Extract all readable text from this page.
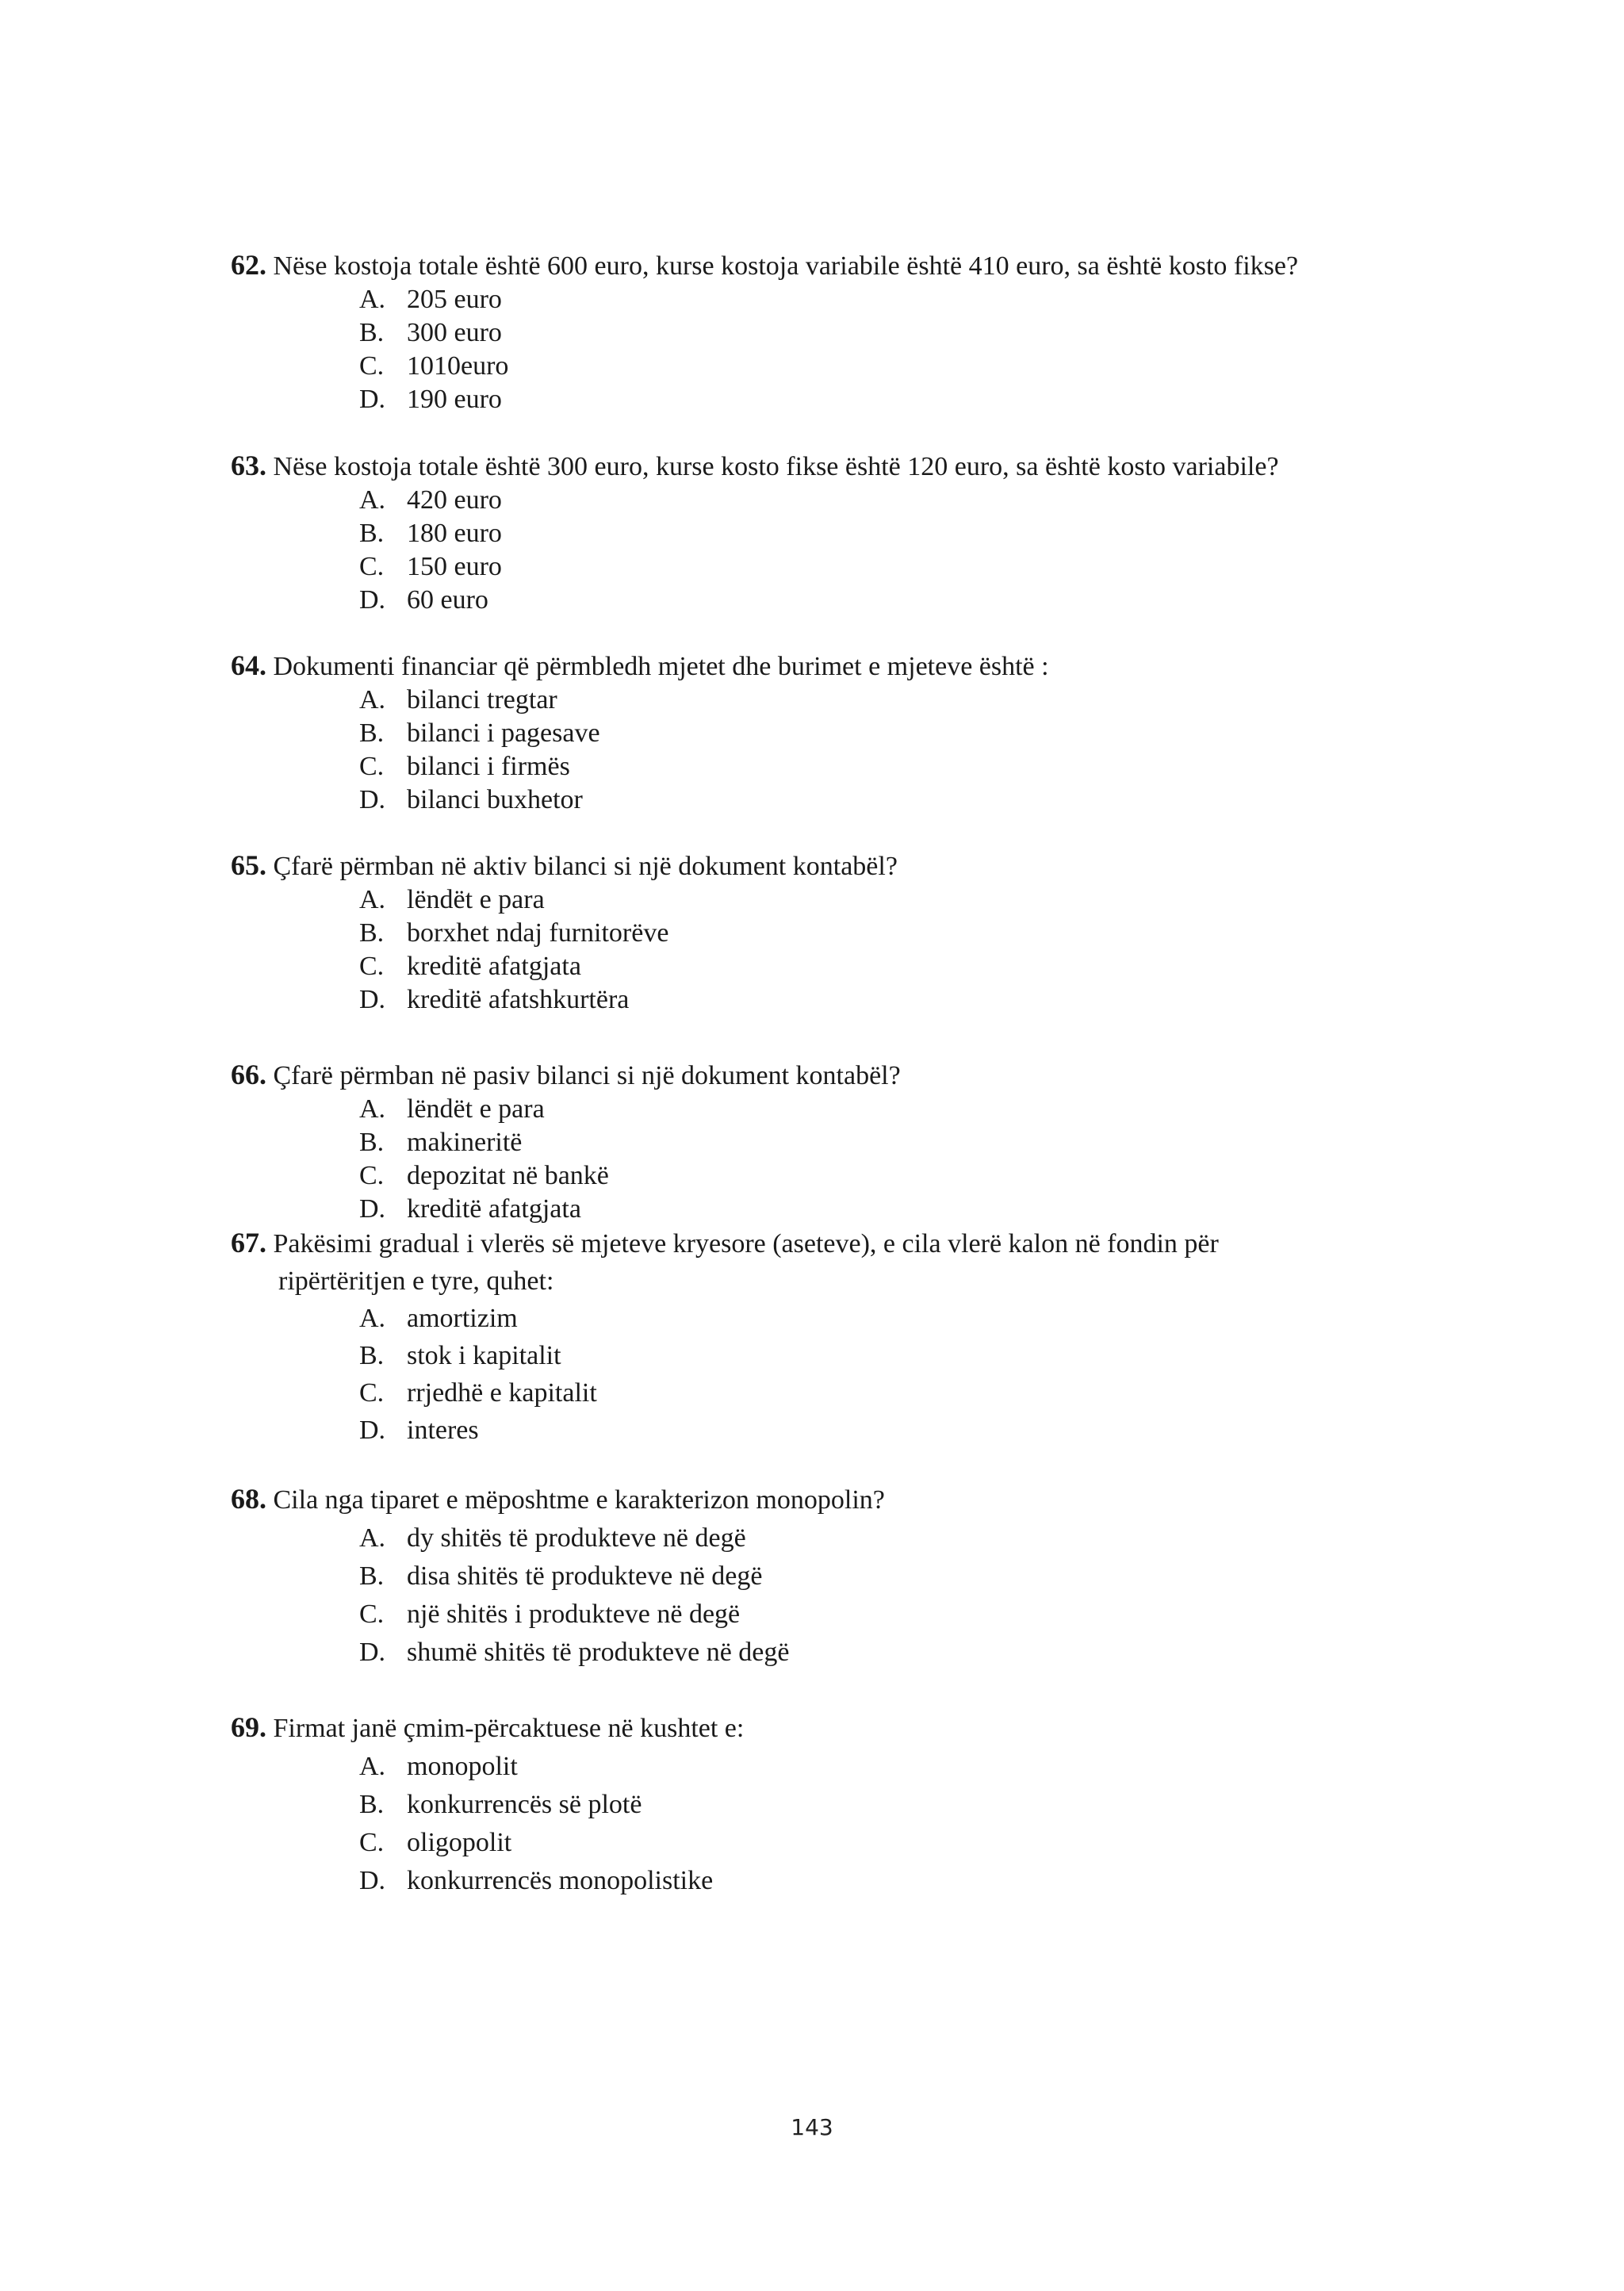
62. Nëse kostoja totale është 600 euro, kurse kostoja variabile është 410 euro, sa është kosto fikse?
A. 205 euro
B. 300 euro
C. 1010euro
D. 190 euro
63. Nëse kostoja totale është 300 euro, kurse kosto fikse është 120 euro, sa është kosto variabile?
A. 420 euro
B. 180 euro
C. 150 euro
D. 60 euro
64. Dokumenti financiar që përmbledh mjetet dhe burimet e mjeteve është :
A. bilanci tregtar
B. bilanci i pagesave
C. bilanci i firmës
D. bilanci buxhetor
65. Çfarë përmban në aktiv bilanci si një dokument kontabël?
A. lëndët e para
B. borxhet ndaj furnitorëve
C. kreditë afatgjata
D. kreditë afatshkurtëra
66. Çfarë përmban në pasiv bilanci si një dokument kontabël?
A. lëndët e para
B. makineritë
C. depozitat në bankë
D. kreditë afatgjata
67. Pakësimi gradual i vlerës së mjeteve kryesore (aseteve), e cila vlerë kalon në fondin për
ripërtëritjen e tyre, quhet:
A. amortizim
B. stok i kapitalit
C. rrjedhë e kapitalit
D. interes
68. Cila nga tiparet e mëposhtme e karakterizon monopolin?
A. dy shitës të produkteve në degë
B. disa shitës të produkteve në degë
C. një shitës i produkteve në degë
D. shumë shitës të produkteve në degë
69. Firmat janë çmim-përcaktuese në kushtet e:
A. monopolit
B. konkurrencës së plotë
C. oligopolit
D. konkurrencës monopolistike
143
